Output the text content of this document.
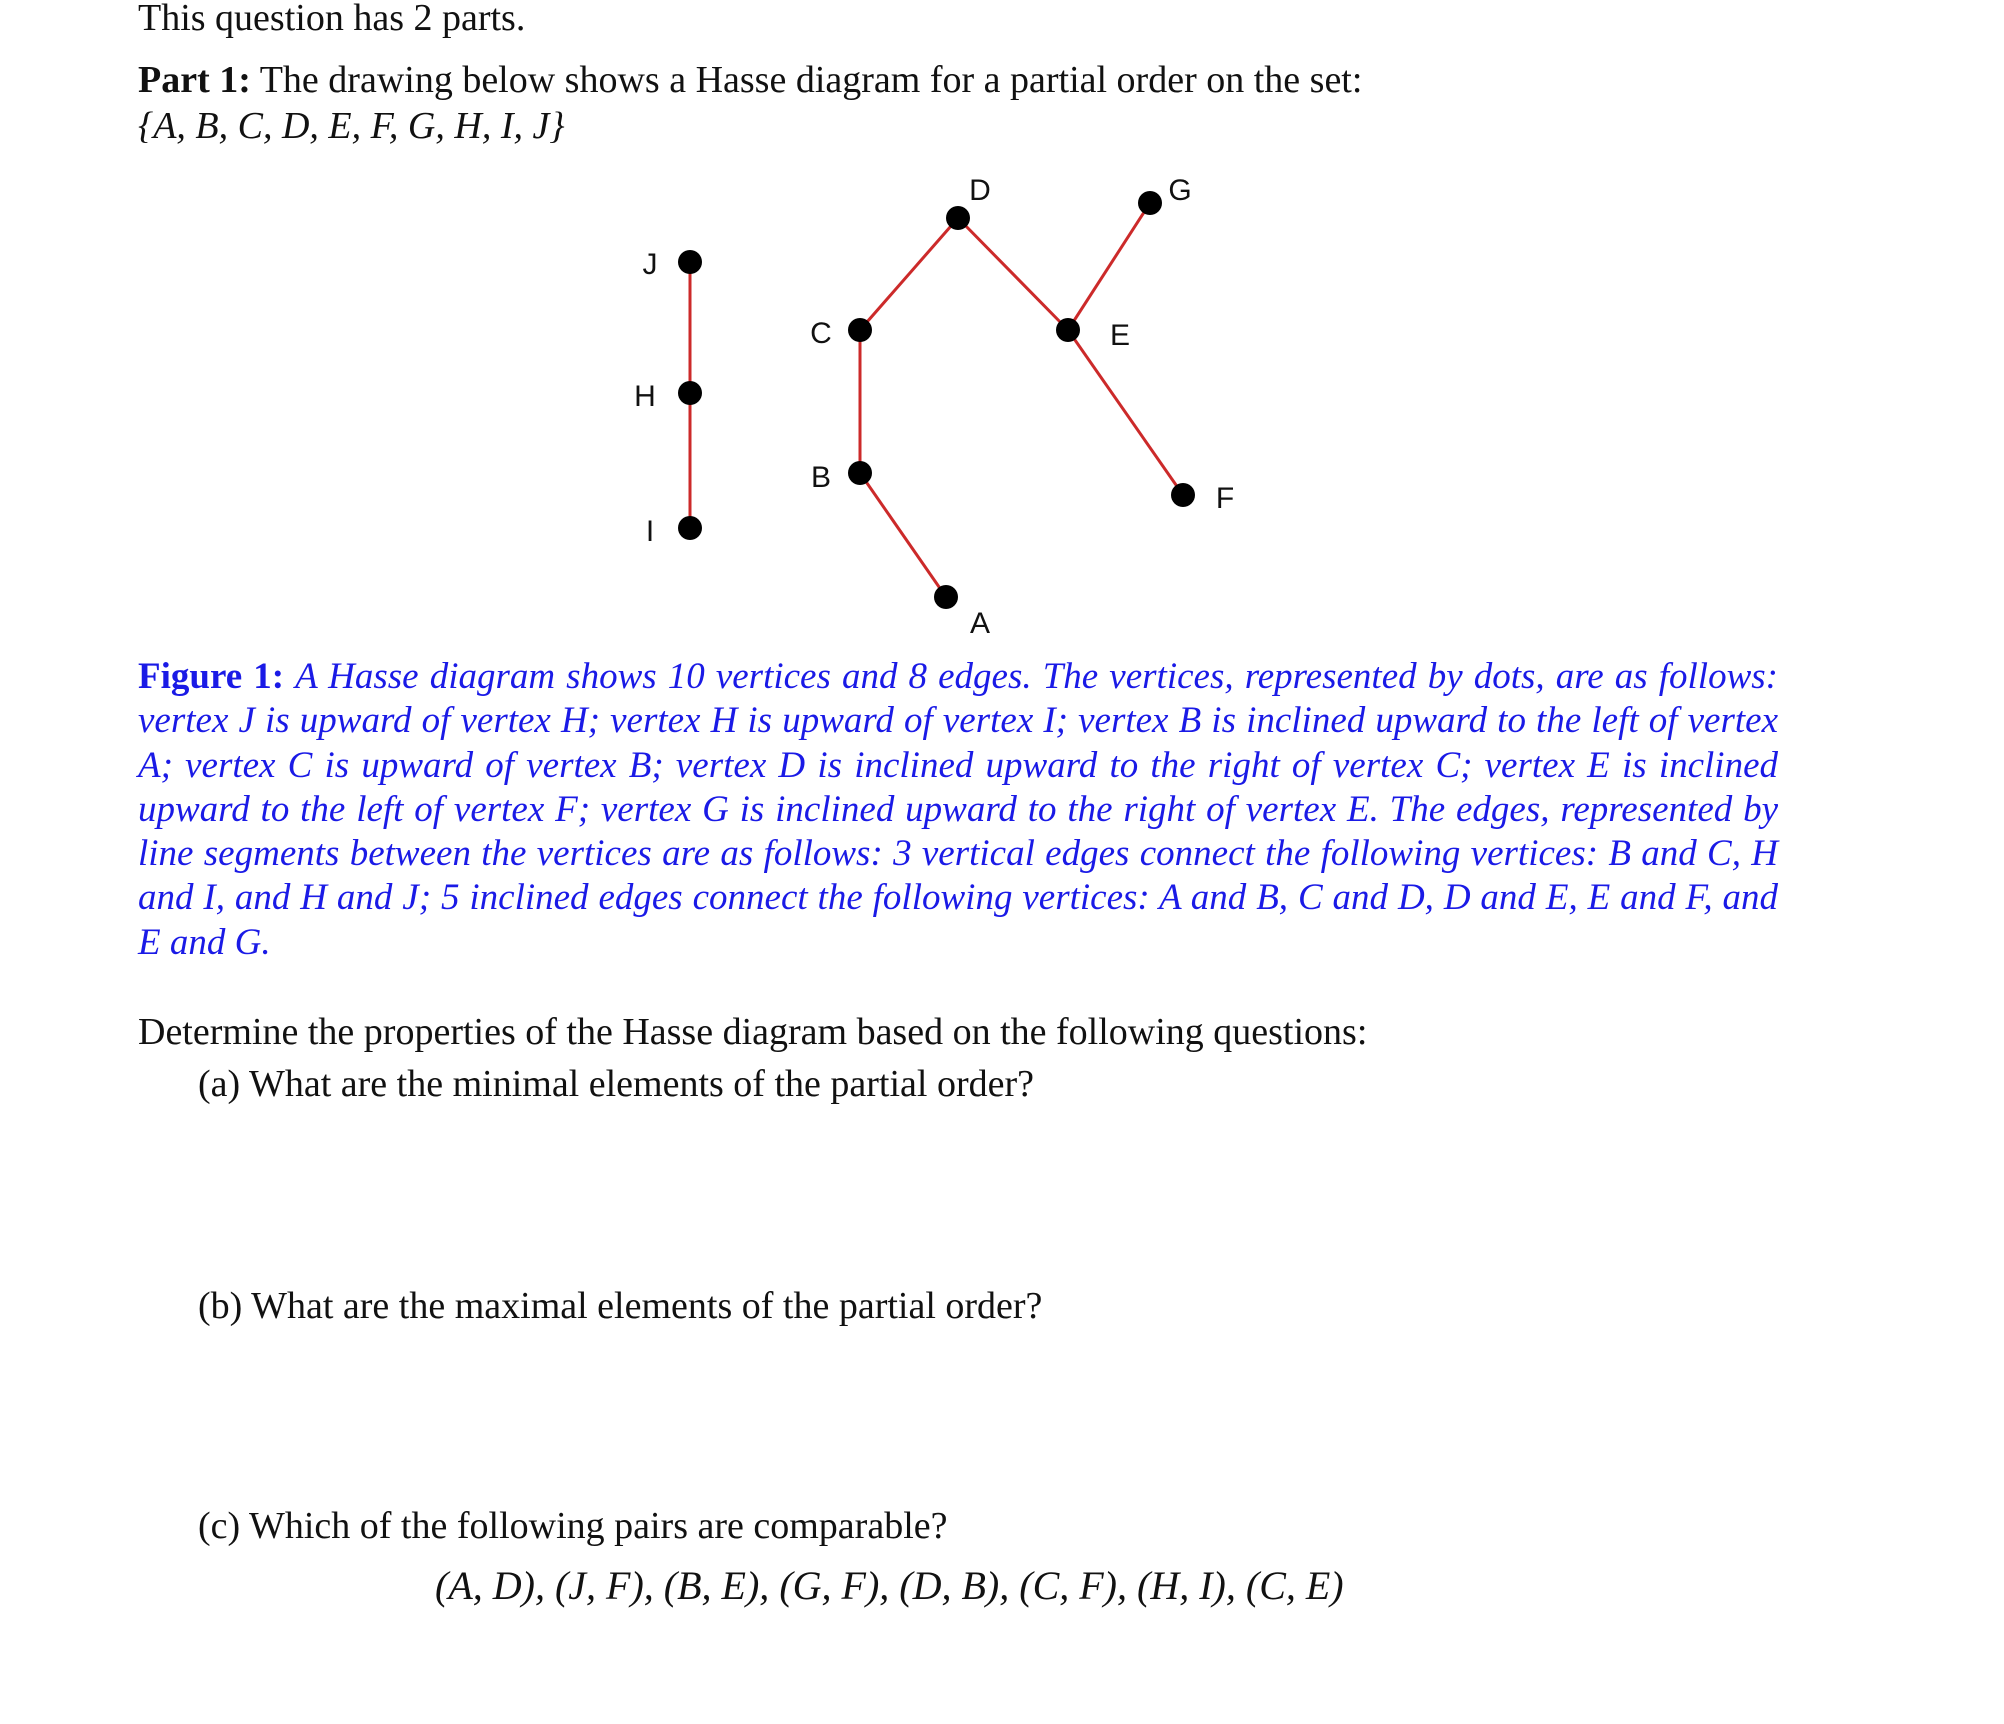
This question has 2 parts.
Part 1: The drawing below shows a Hasse diagram for a partial order on the set:
{A, B, C, D, E, F, G, H, I, J}
A
B
C
D
E
F
G
H
I
J
Figure 1: A Hasse diagram shows 10 vertices and 8 edges. The vertices, represented by dots, are as follows: vertex J is upward of vertex H; vertex H is upward of vertex I; vertex B is inclined upward to the left of vertex A; vertex C is upward of vertex B; vertex D is inclined upward to the right of vertex C; vertex E is inclined upward to the left of vertex F; vertex G is inclined upward to the right of vertex E. The edges, represented by line segments between the vertices are as follows: 3 vertical edges connect the following vertices: B and C, H and I, and H and J; 5 inclined edges connect the following vertices: A and B, C and D, D and E, E and F, and E and G.
Determine the properties of the Hasse diagram based on the following questions:
(a) What are the minimal elements of the partial order?
(b) What are the maximal elements of the partial order?
(c) Which of the following pairs are comparable?
(A, D), (J, F), (B, E), (G, F), (D, B), (C, F), (H, I), (C, E)
